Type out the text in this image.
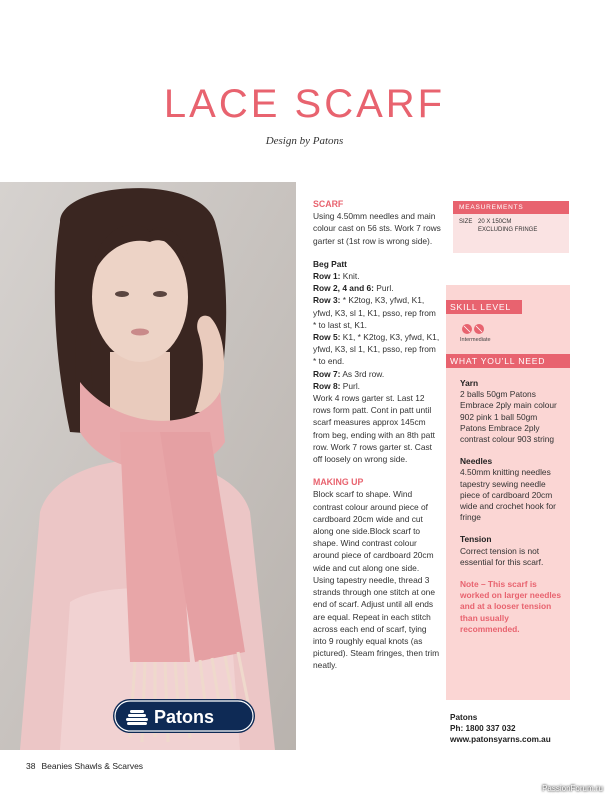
LACE SCARF
Design by Patons
Patons
SCARF
Using 4.50mm needles and main colour cast on 56 sts. Work 7 rows garter st (1st row is wrong side).
Beg Patt
Row 1: Knit.
Row 2, 4 and 6: Purl.
Row 3: * K2tog, K3, yfwd, K1, yfwd, K3, sl 1, K1, psso, rep from * to last st, K1.
Row 5: K1, * K2tog, K3, yfwd, K1, yfwd, K3, sl 1, K1, psso, rep from * to end.
Row 7: As 3rd row.
Row 8: Purl.
Work 4 rows garter st. Last 12 rows form patt. Cont in patt until scarf measures approx 145cm from beg, ending with an 8th patt row. Work 7 rows garter st. Cast off loosely on wrong side.
MAKING UP
Block scarf to shape. Wind contrast colour around piece of cardboard 20cm wide and cut along one side.Block scarf to shape. Wind contrast colour around piece of cardboard 20cm wide and cut along one side. Using tapestry needle, thread 3 strands through one stitch at one end of scarf. Adjust until all ends are equal. Repeat in each stitch across each end of scarf, tying into 9 roughly equal knots (as pictured). Steam fringes, then trim neatly.
MEASUREMENTS
SIZE 20 X 150CM
EXCLUDING FRINGE
SKILL LEVEL
Intermediate
WHAT YOU'LL NEED
Yarn
2 balls 50gm Patons Embrace 2ply main colour 902 pink 1 ball 50gm Patons Embrace 2ply contrast colour 903 string
Needles
4.50mm knitting needles tapestry sewing needle piece of cardboard 20cm wide and crochet hook for fringe
Tension
Correct tension is not essential for this scarf.
Note – This scarf is worked on larger needles and at a looser tension than usually recommended.
Patons
Ph: 1800 337 032
www.patonsyarns.com.au
38 Beanies Shawls & Scarves
PassionForum.ru
